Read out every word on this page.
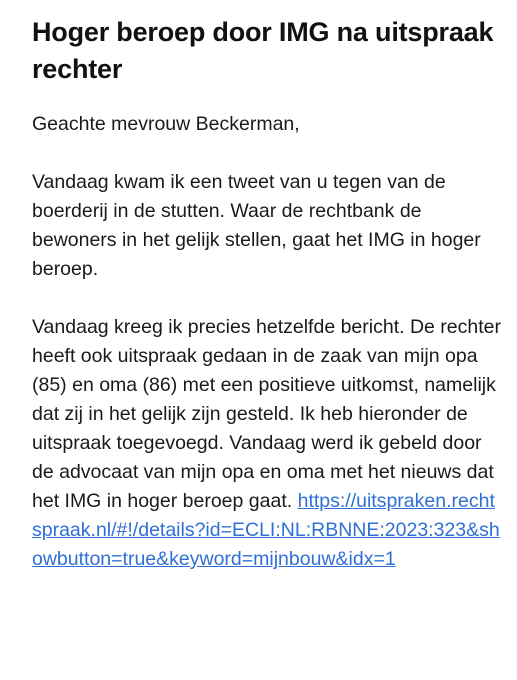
Hoger beroep door IMG na uitspraak rechter

Geachte mevrouw Beckerman,

Vandaag kwam ik een tweet van u tegen van de boerderij in de stutten. Waar de rechtbank de bewoners in het gelijk stellen, gaat het IMG in hoger beroep.

Vandaag kreeg ik precies hetzelfde bericht. De rechter heeft ook uitspraak gedaan in de zaak van mijn opa (85) en oma (86) met een positieve uitkomst, namelijk dat zij in het gelijk zijn gesteld. Ik heb hieronder de uitspraak toegevoegd. Vandaag werd ik gebeld door de advocaat van mijn opa en oma met het nieuws dat het IMG in hoger beroep gaat. https://uitspraken.rechtspraak.nl/#!/details?id=ECLI:NL:RBNNE:2023:323&showbutton=true&keyword=mijnbouw&idx=1
